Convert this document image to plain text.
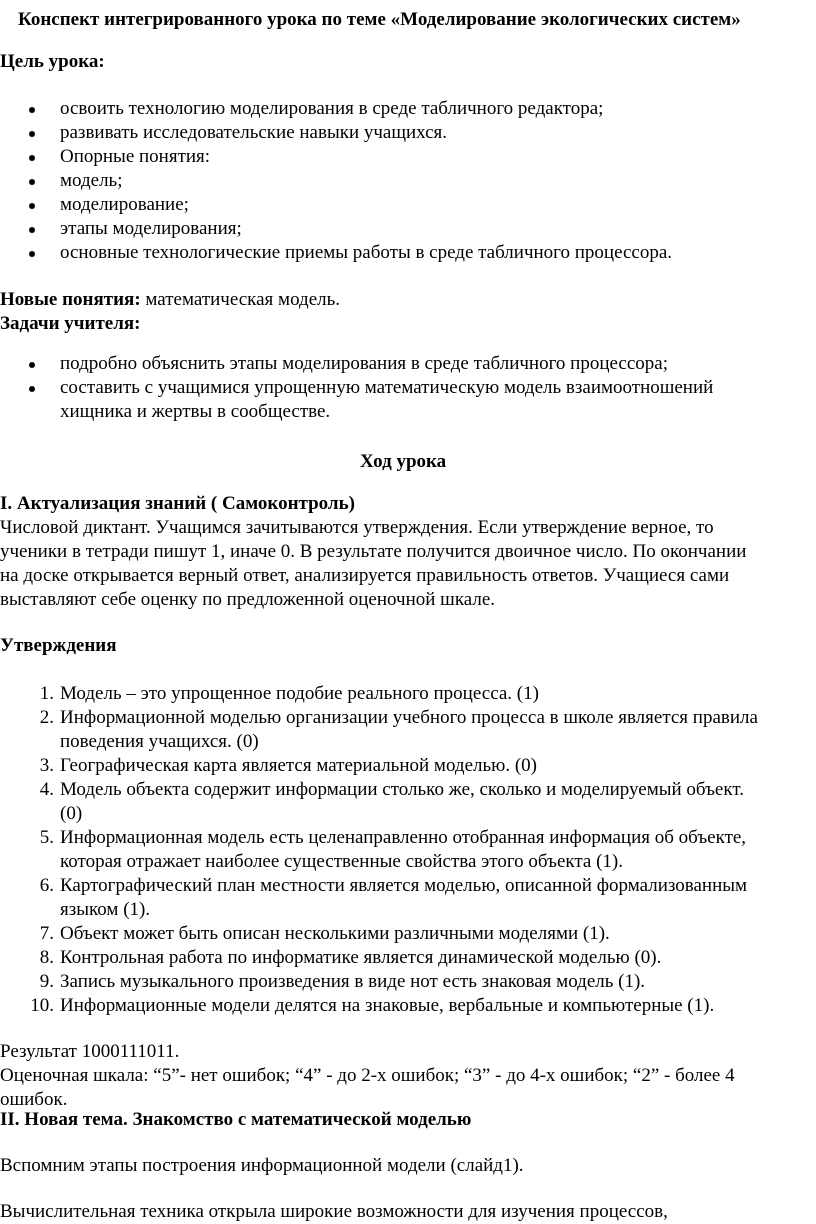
Конспект интегрированного урока по теме «Моделирование экологических систем»
Цель урока:
освоить технологию моделирования в среде табличного редактора;
развивать исследовательские навыки учащихся.
Опорные понятия:
модель;
моделирование;
этапы моделирования;
основные технологические приемы работы в среде табличного процессора.
Новые понятия: математическая модель.
Задачи учителя:
подробно объяснить этапы моделирования в среде табличного процессора;
составить с учащимися упрощенную математическую модель взаимоотношений
хищника и жертвы в сообществе.
Ход урока
I. Актуализация знаний ( Самоконтроль)
Числовой диктант. Учащимся зачитываются утверждения. Если утверждение верное, то
ученики в тетради пишут 1, иначе 0. В результате получится двоичное число. По окончании
на доске открывается верный ответ, анализируется правильность ответов. Учащиеся сами
выставляют себе оценку по предложенной оценочной шкале.
Утверждения
1. Модель – это упрощенное подобие реального процесса. (1)
2. Информационной моделью организации учебного процесса в школе является правила
поведения учащихся. (0)
3. Географическая карта является материальной моделью. (0)
4. Модель объекта содержит информации столько же, сколько и моделируемый объект.
(0)
5. Информационная модель есть целенаправленно отобранная информация об объекте,
которая отражает наиболее существенные свойства этого объекта (1).
6. Картографический план местности является моделью, описанной формализованным
языком (1).
7. Объект может быть описан несколькими различными моделями (1).
8. Контрольная работа по информатике является динамической моделью (0).
9. Запись музыкального произведения в виде нот есть знаковая модель (1).
10. Информационные модели делятся на знаковые, вербальные и компьютерные (1).
Результат 1000111011.
Оценочная шкала: “5”- нет ошибок; “4” - до 2-х ошибок; “3” - до 4-х ошибок; “2” - более 4
ошибок.
II. Новая тема. Знакомство с математической моделью
Вспомним этапы построения информационной модели (слайд1).
Вычислительная техника открыла широкие возможности для изучения процессов,
